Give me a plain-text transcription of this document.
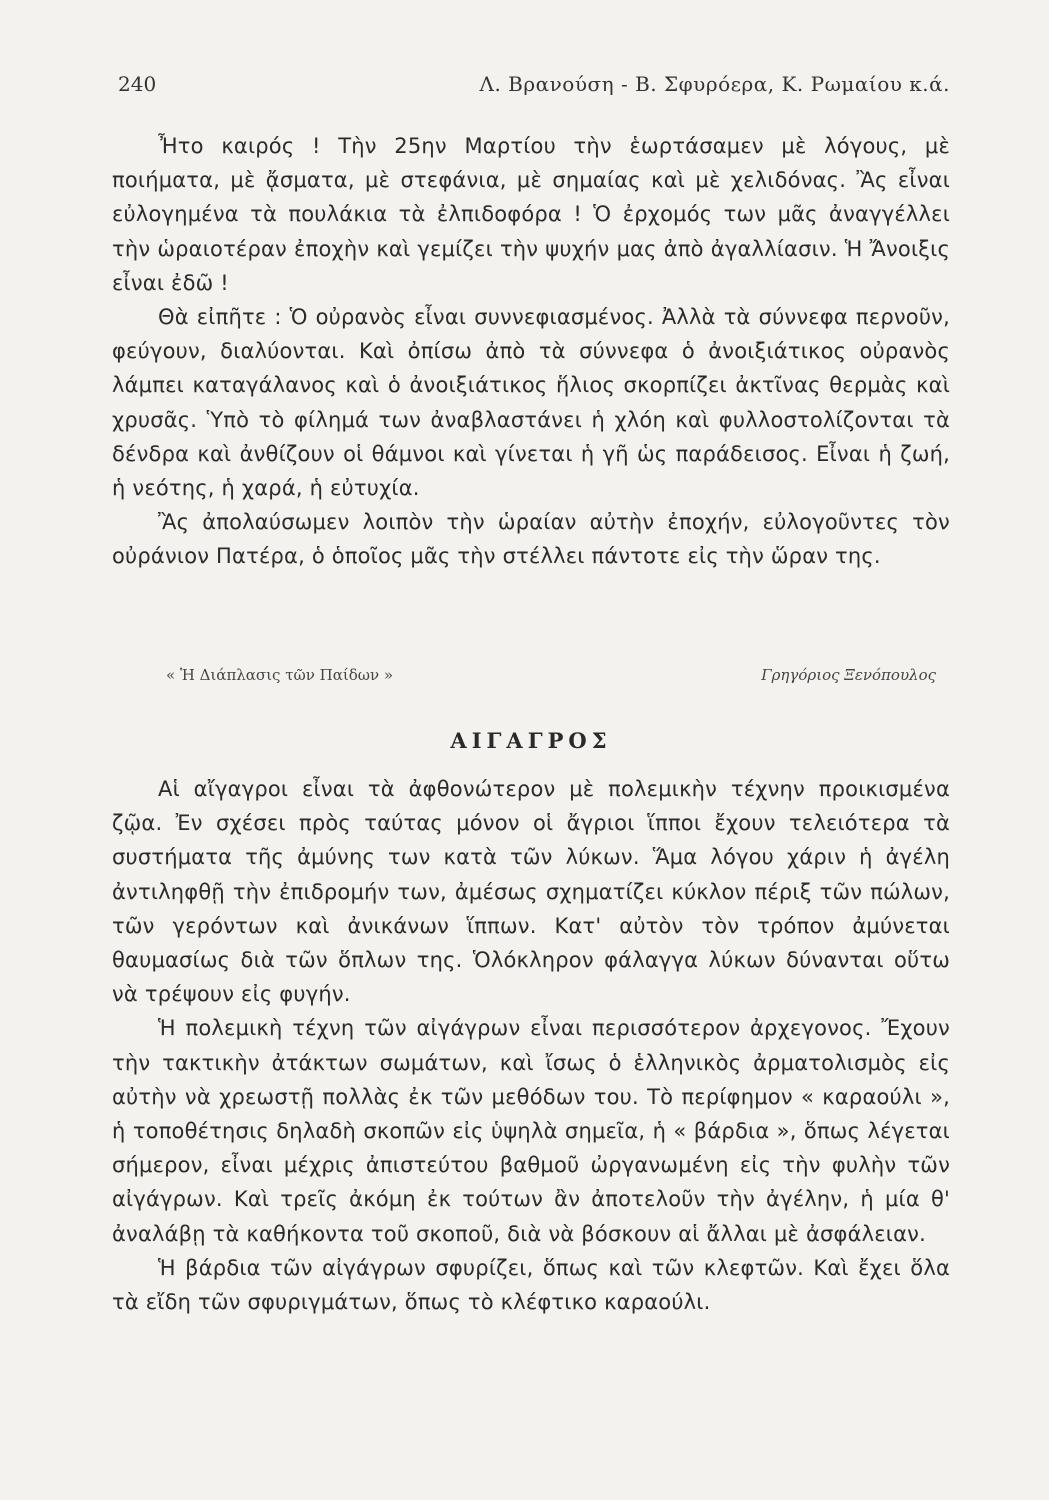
240	Λ. Βρανούση - Β. Σφυρόερα, Κ. Ρωμαίου κ.ά.

Ἦτο καιρός ! Τὴν 25ην Μαρτίου τὴν ἑωρτάσαμεν μὲ λόγους, μὲ ποιήματα, μὲ ᾄσματα, μὲ στεφάνια, μὲ σημαίας καὶ μὲ χελιδόνας. Ἂς εἶναι εὐλογημένα τὰ πουλάκια τὰ ἐλπιδοφόρα ! Ὁ ἐρχομός των μᾶς ἀναγγέλλει τὴν ὡραιοτέραν ἐποχὴν καὶ γεμίζει τὴν ψυχήν μας ἀπὸ ἀγαλλίασιν. Ἡ Ἄνοιξις εἶναι ἐδῶ !

Θὰ εἰπῆτε : Ὁ οὐρανὸς εἶναι συννεφιασμένος. Ἀλλὰ τὰ σύννεφα περνοῦν, φεύγουν, διαλύονται. Καὶ ὀπίσω ἀπὸ τὰ σύννεφα ὁ ἀνοιξιάτικος οὐρανὸς λάμπει καταγάλανος καὶ ὁ ἀνοιξιάτικος ἥλιος σκορπίζει ἀκτῖνας θερμὰς καὶ χρυσᾶς. Ὑπὸ τὸ φίλημά των ἀναβλαστάνει ἡ χλόη καὶ φυλλοστολίζονται τὰ δένδρα καὶ ἀνθίζουν οἱ θάμνοι καὶ γίνεται ἡ γῆ ὡς παράδεισος. Εἶναι ἡ ζωή, ἡ νεότης, ἡ χαρά, ἡ εὐτυχία.

Ἂς ἀπολαύσωμεν λοιπὸν τὴν ὡραίαν αὐτὴν ἐποχήν, εὐλογοῦντες τὸν οὐράνιον Πατέρα, ὁ ὁποῖος μᾶς τὴν στέλλει πάντοτε εἰς τὴν ὥραν της.

« Ἡ Διάπλασις τῶν Παίδων »	Γρηγόριος Ξενόπουλος
ΑΙΓΑΓΡΟΣ

Αἱ αἴγαγροι εἶναι τὰ ἀφθονώτερον μὲ πολεμικὴν τέχνην προικισμένα ζῷα. Ἐν σχέσει πρὸς ταύτας μόνον οἱ ἄγριοι ἵπποι ἔχουν τελειότερα τὰ συστήματα τῆς ἀμύνης των κατὰ τῶν λύκων. Ἅμα λόγου χάριν ἡ ἀγέλη ἀντιληφθῇ τὴν ἐπιδρομήν των, ἀμέσως σχηματίζει κύκλον πέριξ τῶν πώλων, τῶν γερόντων καὶ ἀνικάνων ἵππων. Κατ' αὐτὸν τὸν τρόπον ἀμύνεται θαυμασίως διὰ τῶν ὅπλων της. Ὁλόκληρον φάλαγγα λύκων δύνανται οὕτω νὰ τρέψουν εἰς φυγήν.

Ἡ πολεμικὴ τέχνη τῶν αἰγάγρων εἶναι περισσότερον ἀρχεγονος. Ἔχουν τὴν τακτικὴν ἀτάκτων σωμάτων, καὶ ἴσως ὁ ἑλληνικὸς ἀρματολισμὸς εἰς αὐτὴν νὰ χρεωστῇ πολλὰς ἐκ τῶν μεθόδων του. Τὸ περίφημον « καραούλι », ἡ τοποθέτησις δηλαδὴ σκοπῶν εἰς ὑψηλὰ σημεῖα, ἡ « βάρδια », ὅπως λέγεται σήμερον, εἶναι μέχρις ἀπιστεύτου βαθμοῦ ὠργανωμένη εἰς τὴν φυλὴν τῶν αἰγάγρων. Καὶ τρεῖς ἀκόμη ἐκ τούτων ἂν ἀποτελοῦν τὴν ἀγέλην, ἡ μία θ' ἀναλάβῃ τὰ καθήκοντα τοῦ σκοποῦ, διὰ νὰ βόσκουν αἱ ἄλλαι μὲ ἀσφάλειαν.

Ἡ βάρδια τῶν αἰγάγρων σφυρίζει, ὅπως καὶ τῶν κλεφτῶν. Καὶ ἔχει ὅλα τὰ εἴδη τῶν σφυριγμάτων, ὅπως τὸ κλέφτικο καραούλι.
